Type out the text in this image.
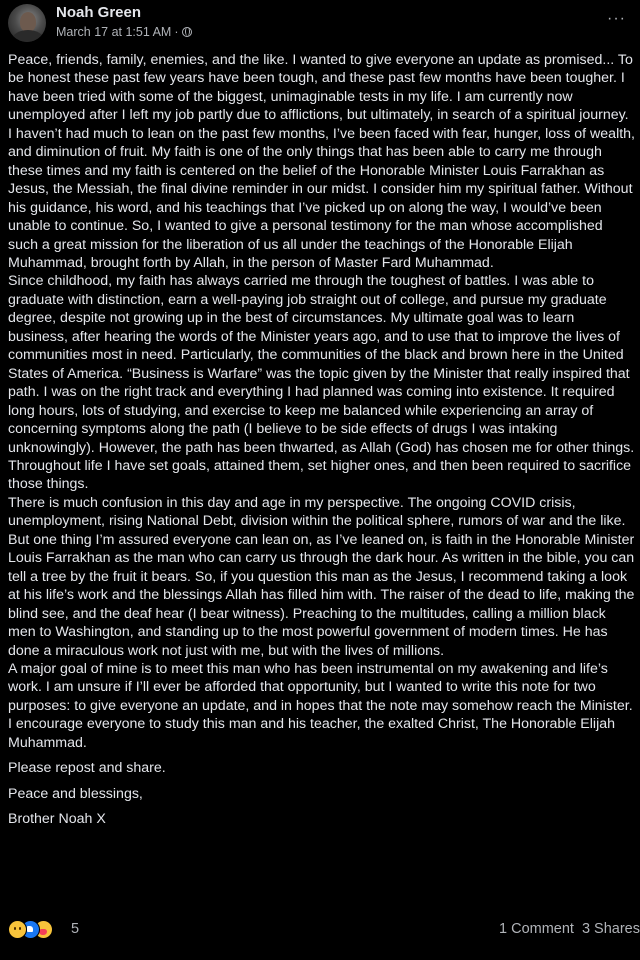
Noah Green
March 17 at 1:51 AM ·
···

Peace, friends, family, enemies, and the like. I wanted to give everyone an update as promised... To be honest these past few years have been tough, and these past few months have been tougher. I have been tried with some of the biggest, unimaginable tests in my life. I am currently now unemployed after I left my job partly due to afflictions, but ultimately, in search of a spiritual journey.

I haven’t had much to lean on the past few months, I’ve been faced with fear, hunger, loss of wealth, and diminution of fruit. My faith is one of the only things that has been able to carry me through these times and my faith is centered on the belief of the Honorable Minister Louis Farrakhan as Jesus, the Messiah, the final divine reminder in our midst. I consider him my spiritual father. Without his guidance, his word, and his teachings that I’ve picked up on along the way, I would’ve been unable to continue. So, I wanted to give a personal testimony for the man whose accomplished such a great mission for the liberation of us all under the teachings of the Honorable Elijah Muhammad, brought forth by Allah, in the person of Master Fard Muhammad.

Since childhood, my faith has always carried me through the toughest of battles. I was able to graduate with distinction, earn a well-paying job straight out of college, and pursue my graduate degree, despite not growing up in the best of circumstances. My ultimate goal was to learn business, after hearing the words of the Minister years ago, and to use that to improve the lives of communities most in need. Particularly, the communities of the black and brown here in the United States of America. “Business is Warfare” was the topic given by the Minister that really inspired that path. I was on the right track and everything I had planned was coming into existence. It required long hours, lots of studying, and exercise to keep me balanced while experiencing an array of concerning symptoms along the path (I believe to be side effects of drugs I was intaking unknowingly). However, the path has been thwarted, as Allah (God) has chosen me for other things. Throughout life I have set goals, attained them, set higher ones, and then been required to sacrifice those things.

There is much confusion in this day and age in my perspective. The ongoing COVID crisis, unemployment, rising National Debt, division within the political sphere, rumors of war and the like. But one thing I’m assured everyone can lean on, as I’ve leaned on, is faith in the Honorable Minister Louis Farrakhan as the man who can carry us through the dark hour. As written in the bible, you can tell a tree by the fruit it bears. So, if you question this man as the Jesus, I recommend taking a look at his life’s work and the blessings Allah has filled him with. The raiser of the dead to life, making the blind see, and the deaf hear (I bear witness). Preaching to the multitudes, calling a million black men to Washington, and standing up to the most powerful government of modern times. He has done a miraculous work not just with me, but with the lives of millions.

A major goal of mine is to meet this man who has been instrumental on my awakening and life’s work. I am unsure if I’ll ever be afforded that opportunity, but I wanted to write this note for two purposes: to give everyone an update, and in hopes that the note may somehow reach the Minister.

I encourage everyone to study this man and his teacher, the exalted Christ, The Honorable Elijah Muhammad.

Please repost and share.

Peace and blessings,

Brother Noah X

5	1 Comment 3 Shares
